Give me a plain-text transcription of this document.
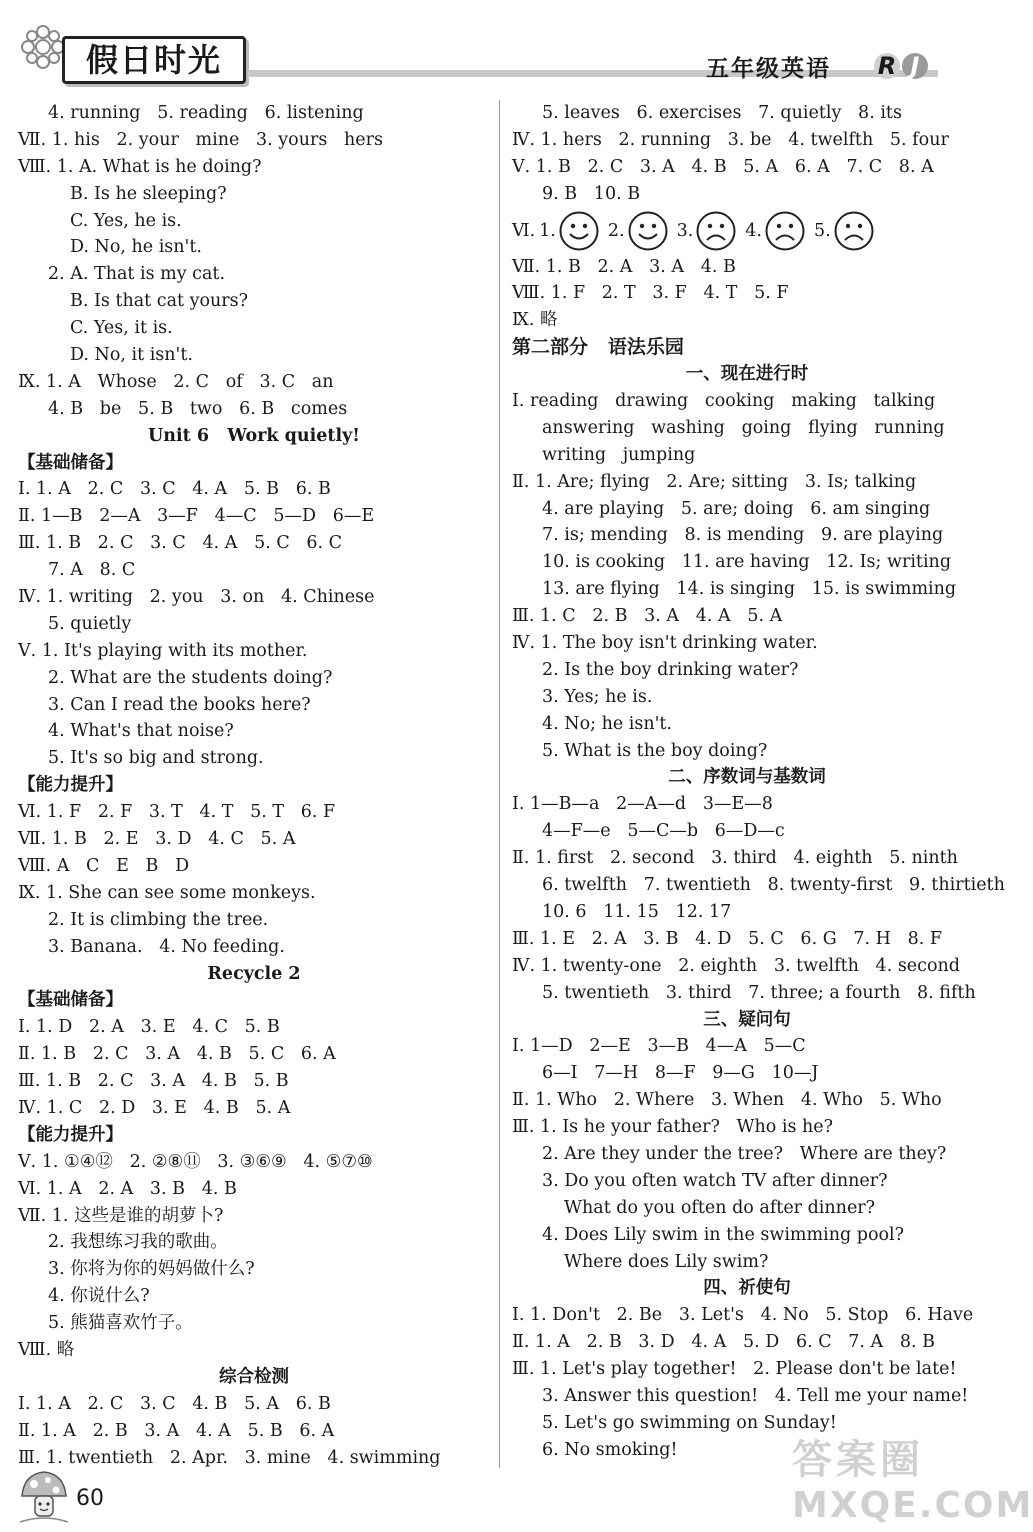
假日时光	五年级英语 R J
4. running   5. reading   6. listening
Ⅶ. 1. his   2. your   mine   3. yours   hers
Ⅷ. 1. A. What is he doing?
B. Is he sleeping?
C. Yes, he is.
D. No, he isn't.
2. A. That is my cat.
B. Is that cat yours?
C. Yes, it is.
D. No, it isn't.
Ⅸ. 1. A   Whose   2. C   of   3. C   an
4. B   be   5. B   two   6. B   comes
Unit 6   Work quietly!
【基础储备】
Ⅰ. 1. A   2. C   3. C   4. A   5. B   6. B
Ⅱ. 1—B   2—A   3—F   4—C   5—D   6—E
Ⅲ. 1. B   2. C   3. C   4. A   5. C   6. C
7. A   8. C
Ⅳ. 1. writing   2. you   3. on   4. Chinese
5. quietly
Ⅴ. 1. It's playing with its mother.
2. What are the students doing?
3. Can I read the books here?
4. What's that noise?
5. It's so big and strong.
【能力提升】
Ⅵ. 1. F   2. F   3. T   4. T   5. T   6. F
Ⅶ. 1. B   2. E   3. D   4. C   5. A
Ⅷ. A   C   E   B   D
Ⅸ. 1. She can see some monkeys.
2. It is climbing the tree.
3. Banana.   4. No feeding.
Recycle 2
【基础储备】
Ⅰ. 1. D   2. A   3. E   4. C   5. B
Ⅱ. 1. B   2. C   3. A   4. B   5. C   6. A
Ⅲ. 1. B   2. C   3. A   4. B   5. B
Ⅳ. 1. C   2. D   3. E   4. B   5. A
【能力提升】
Ⅴ. 1. ①④⑫   2. ②⑧⑪   3. ③⑥⑨   4. ⑤⑦⑩
Ⅵ. 1. A   2. A   3. B   4. B
Ⅶ. 1. 这些是谁的胡萝卜?
2. 我想练习我的歌曲。
3. 你将为你的妈妈做什么?
4. 你说什么?
5. 熊猫喜欢竹子。
Ⅷ. 略
综合检测
Ⅰ. 1. A   2. C   3. C   4. B   5. A   6. B
Ⅱ. 1. A   2. B   3. A   4. A   5. B   6. A
Ⅲ. 1. twentieth   2. Apr.   3. mine   4. swimming
5. leaves   6. exercises   7. quietly   8. its
Ⅳ. 1. hers   2. running   3. be   4. twelfth   5. four
Ⅴ. 1. B   2. C   3. A   4. B   5. A   6. A   7. C   8. A
9. B   10. B
Ⅵ. 1.	2.	3.	4.	5.
Ⅶ. 1. B   2. A   3. A   4. B
Ⅷ. 1. F   2. T   3. F   4. T   5. F
Ⅸ. 略
第二部分   语法乐园
一、现在进行时
Ⅰ. reading   drawing   cooking   making   talking
answering   washing   going   flying   running
writing   jumping
Ⅱ. 1. Are; flying   2. Are; sitting   3. Is; talking
4. are playing   5. are; doing   6. am singing
7. is; mending   8. is mending   9. are playing
10. is cooking   11. are having   12. Is; writing
13. are flying   14. is singing   15. is swimming
Ⅲ. 1. C   2. B   3. A   4. A   5. A
Ⅳ. 1. The boy isn't drinking water.
2. Is the boy drinking water?
3. Yes; he is.
4. No; he isn't.
5. What is the boy doing?
二、序数词与基数词
Ⅰ. 1—B—a   2—A—d   3—E—8
4—F—e   5—C—b   6—D—c
Ⅱ. 1. first   2. second   3. third   4. eighth   5. ninth
6. twelfth   7. twentieth   8. twenty-first   9. thirtieth
10. 6   11. 15   12. 17
Ⅲ. 1. E   2. A   3. B   4. D   5. C   6. G   7. H   8. F
Ⅳ. 1. twenty-one   2. eighth   3. twelfth   4. second
5. twentieth   3. third   7. three; a fourth   8. fifth
三、疑问句
Ⅰ. 1—D   2—E   3—B   4—A   5—C
6—I   7—H   8—F   9—G   10—J
Ⅱ. 1. Who   2. Where   3. When   4. Who   5. Who
Ⅲ. 1. Is he your father?   Who is he?
2. Are they under the tree?   Where are they?
3. Do you often watch TV after dinner?
What do you often do after dinner?
4. Does Lily swim in the swimming pool?
Where does Lily swim?
四、祈使句
Ⅰ. 1. Don't   2. Be   3. Let's   4. No   5. Stop   6. Have
Ⅱ. 1. A   2. B   3. D   4. A   5. D   6. C   7. A   8. B
Ⅲ. 1. Let's play together!   2. Please don't be late!
3. Answer this question!   4. Tell me your name!
5. Let's go swimming on Sunday!
6. No smoking!
60
答案圈
MXQE.COM
